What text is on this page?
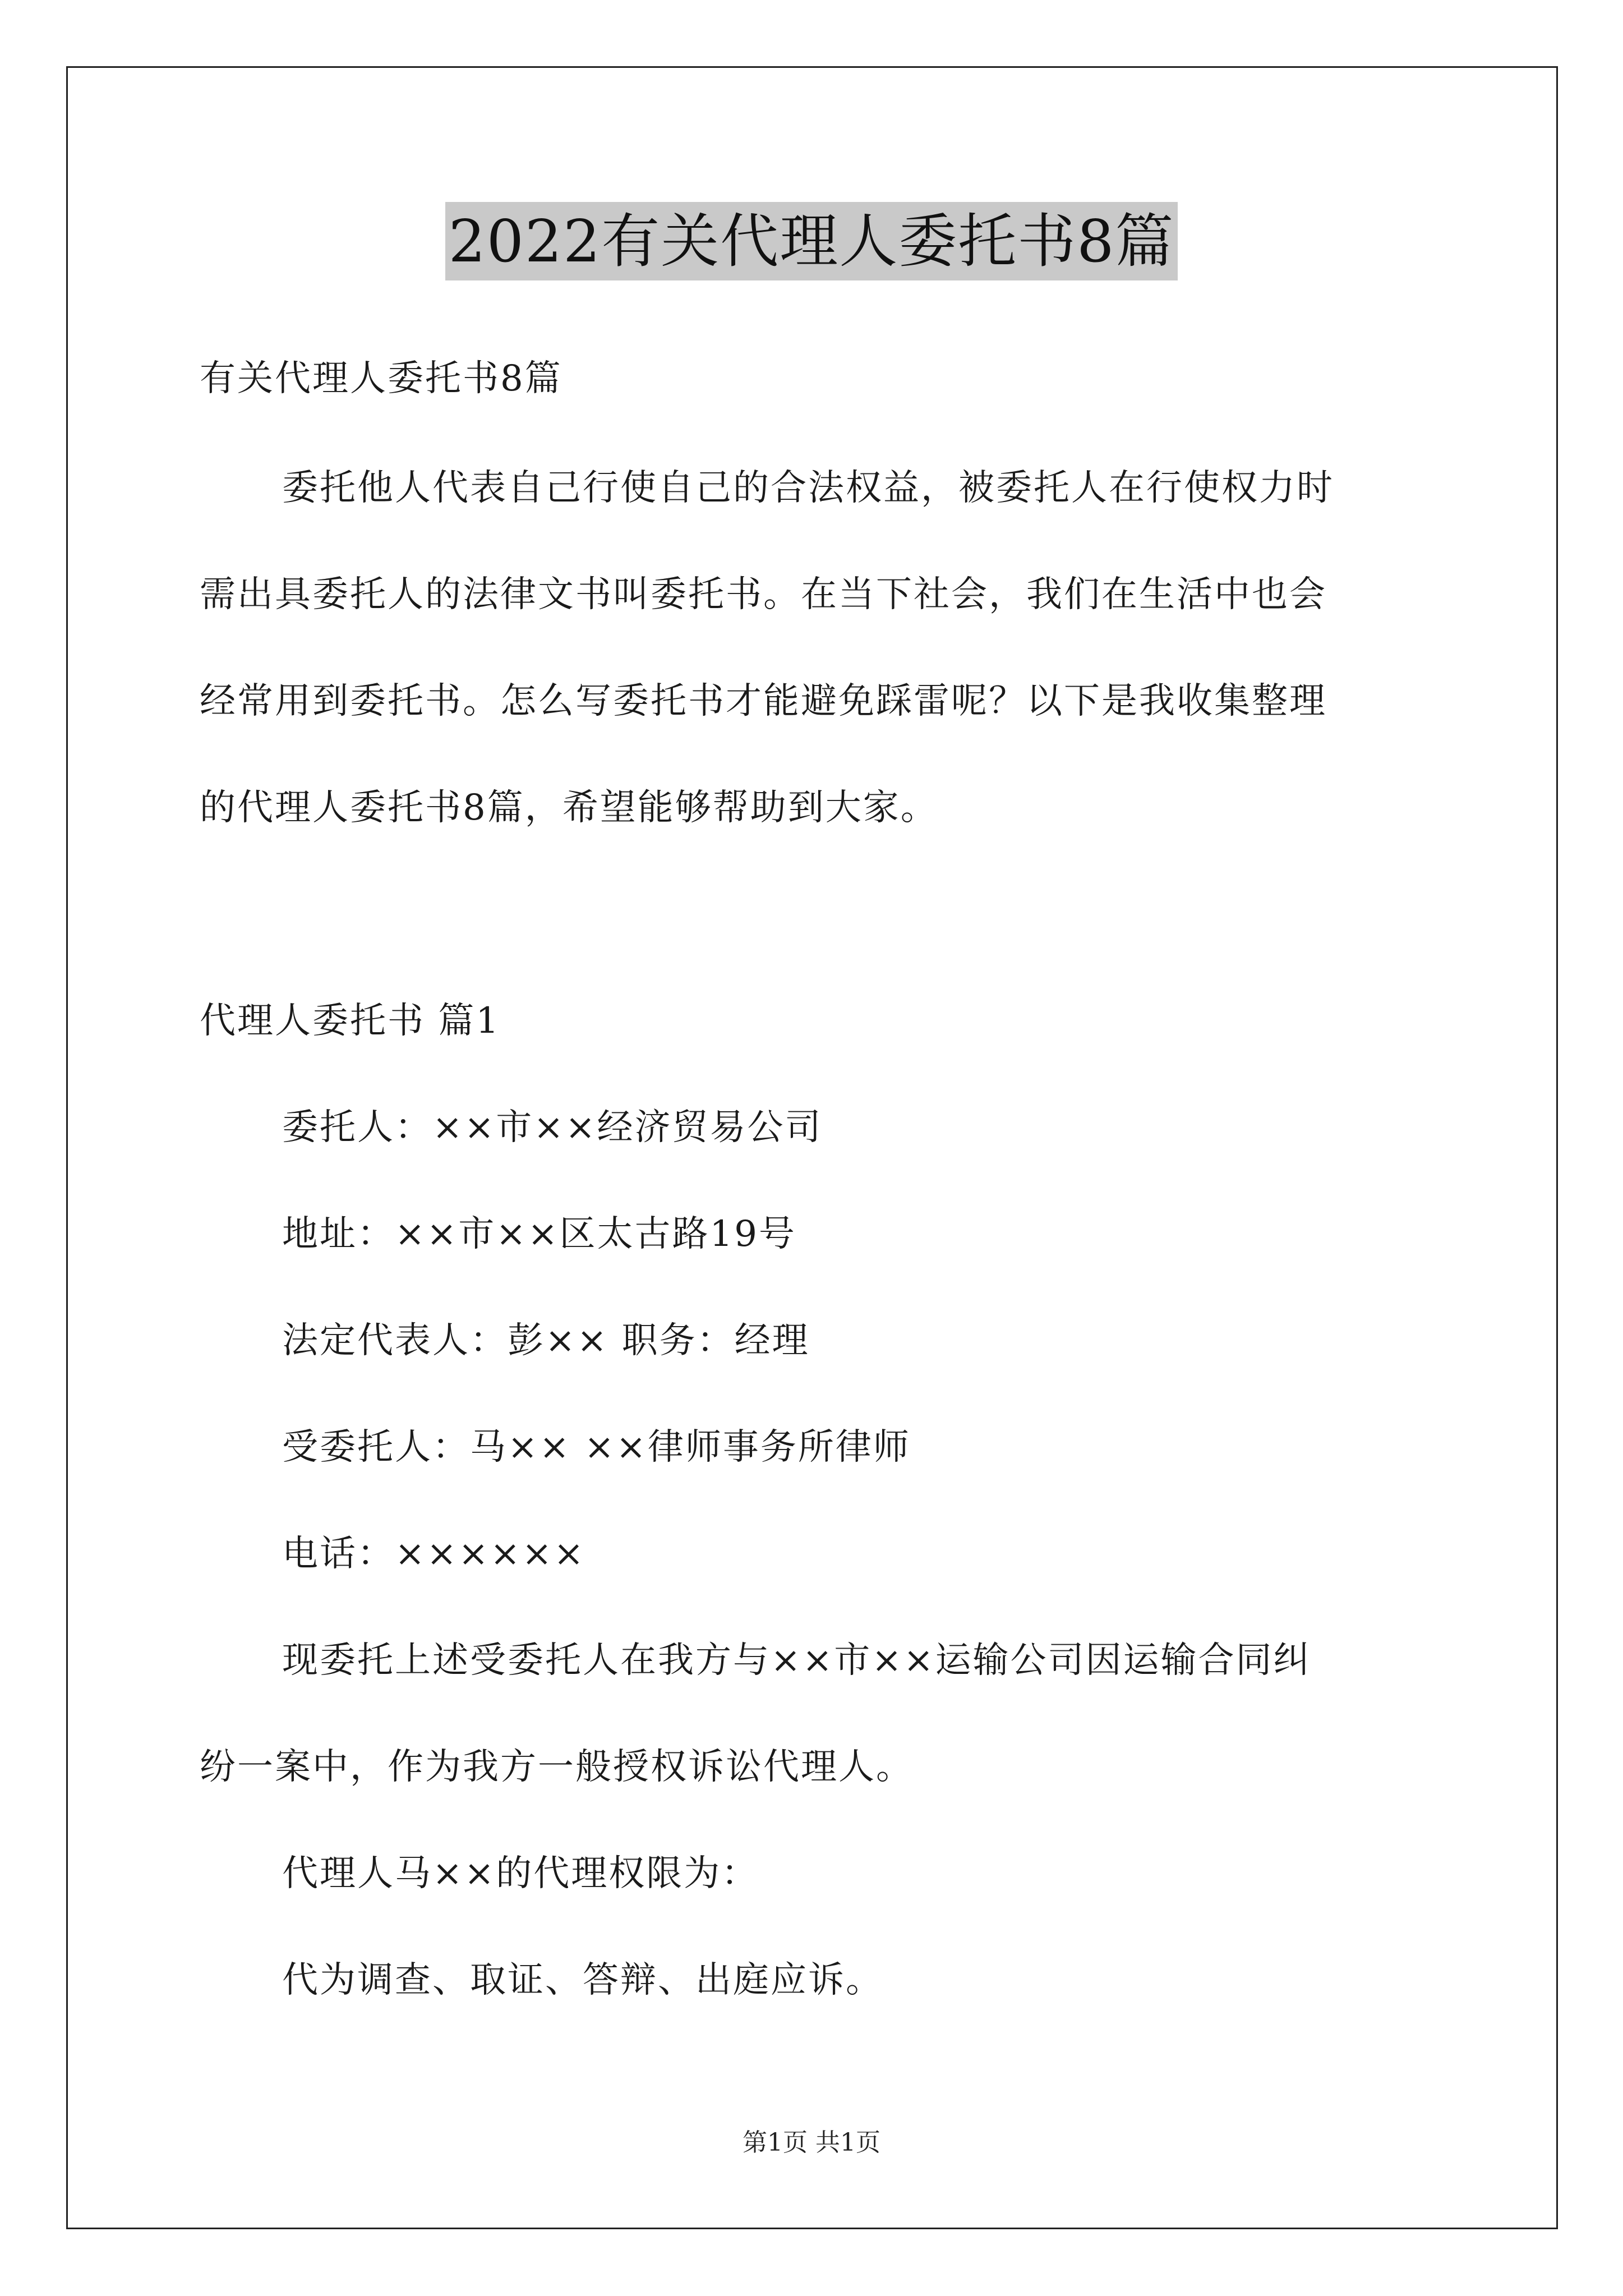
2022有关代理人委托书8篇
有关代理人委托书8篇
委托他人代表自己行使自己的合法权益，被委托人在行使权力时
需出具委托人的法律文书叫委托书。在当下社会，我们在生活中也会
经常用到委托书。怎么写委托书才能避免踩雷呢？以下是我收集整理
的代理人委托书8篇，希望能够帮助到大家。
代理人委托书 篇1
委托人：××市××经济贸易公司
地址：××市××区太古路19号
法定代表人：彭×× 职务：经理
受委托人：马×× ××律师事务所律师
电话：××××××
现委托上述受委托人在我方与××市××运输公司因运输合同纠
纷一案中，作为我方一般授权诉讼代理人。
代理人马××的代理权限为：
代为调查、取证、答辩、出庭应诉。
第1页 共1页
